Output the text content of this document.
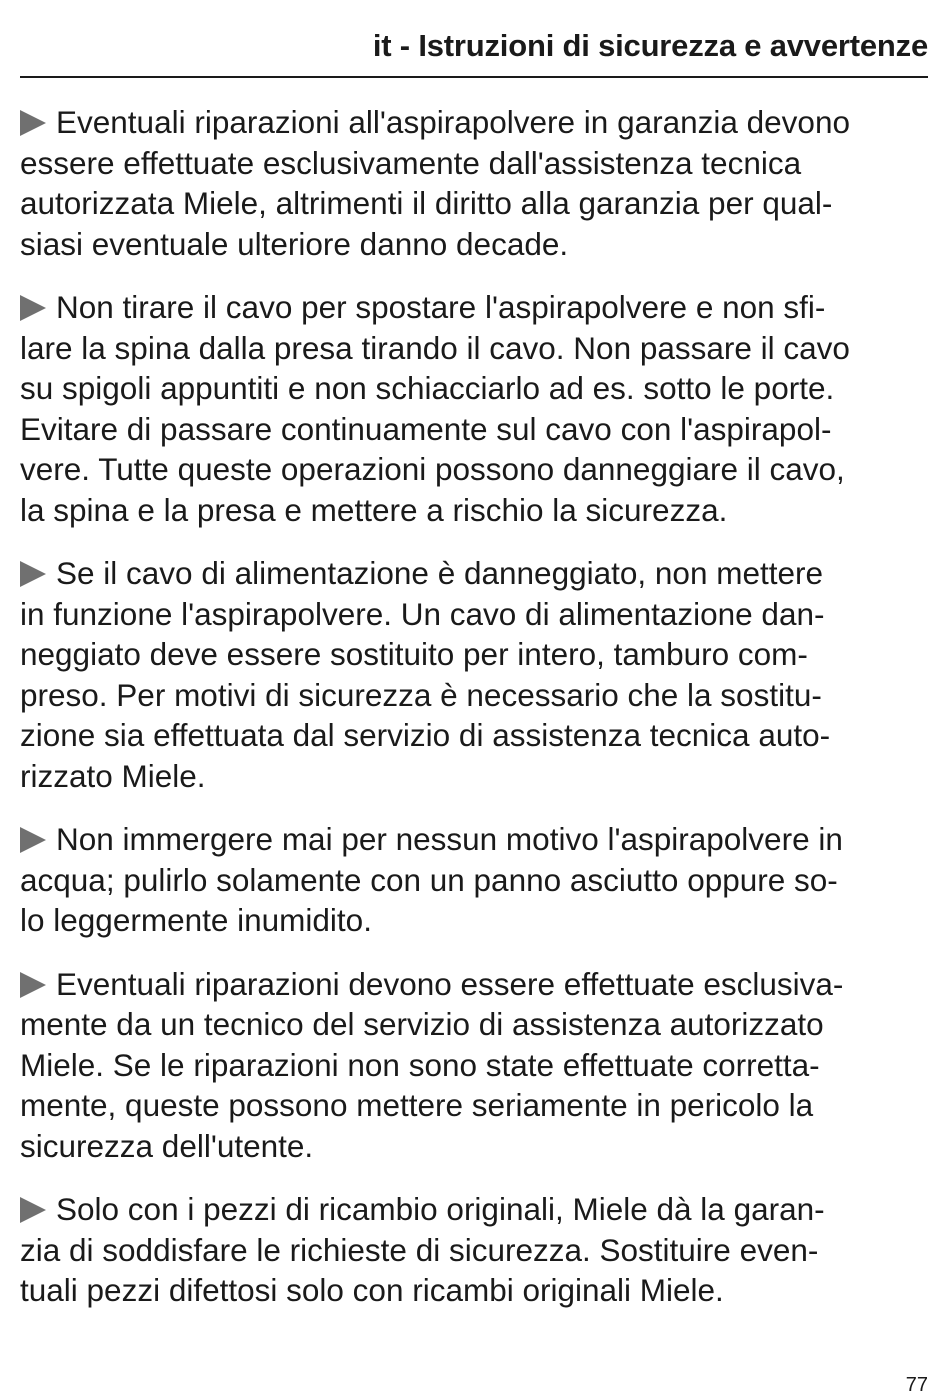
it - Istruzioni di sicurezza e avvertenze

Eventuali riparazioni all'aspirapolvere in garanzia devono
essere effettuate esclusivamente dall'assistenza tecnica
autorizzata Miele, altrimenti il diritto alla garanzia per qual-
siasi eventuale ulteriore danno decade.

Non tirare il cavo per spostare l'aspirapolvere e non sfi-
lare la spina dalla presa tirando il cavo. Non passare il cavo
su spigoli appuntiti e non schiacciarlo ad es. sotto le porte.
Evitare di passare continuamente sul cavo con l'aspirapol-
vere. Tutte queste operazioni possono danneggiare il cavo,
la spina e la presa e mettere a rischio la sicurezza.

Se il cavo di alimentazione è danneggiato, non mettere
in funzione l'aspirapolvere. Un cavo di alimentazione dan-
neggiato deve essere sostituito per intero, tamburo com-
preso. Per motivi di sicurezza è necessario che la sostitu-
zione sia effettuata dal servizio di assistenza tecnica auto-
rizzato Miele.

Non immergere mai per nessun motivo l'aspirapolvere in
acqua; pulirlo solamente con un panno asciutto oppure so-
lo leggermente inumidito.

Eventuali riparazioni devono essere effettuate esclusiva-
mente da un tecnico del servizio di assistenza autorizzato
Miele. Se le riparazioni non sono state effettuate corretta-
mente, queste possono mettere seriamente in pericolo la
sicurezza dell'utente.

Solo con i pezzi di ricambio originali, Miele dà la garan-
zia di soddisfare le richieste di sicurezza. Sostituire even-
tuali pezzi difettosi solo con ricambi originali Miele.

77
